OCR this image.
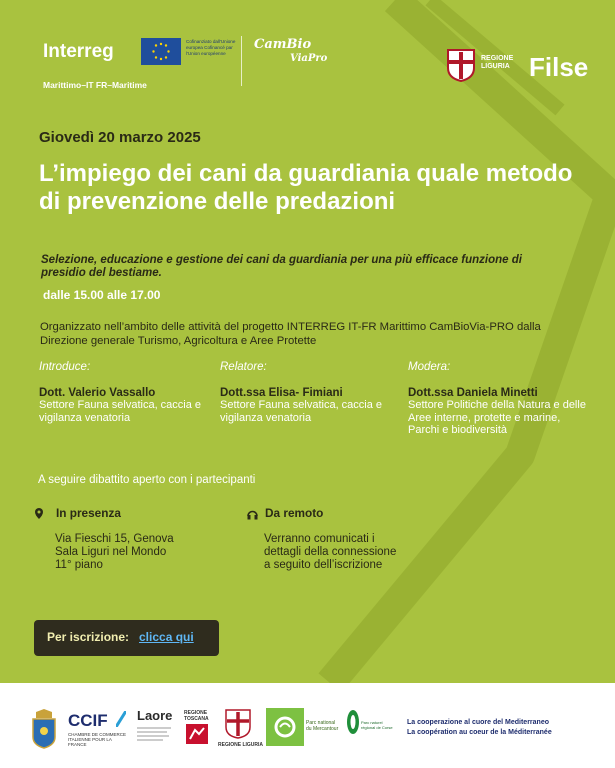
Interreg
Marittimo–IT FR–Maritime
Cofinanziato dall'Unione europea Cofinancé par l'Union européenne
CamBio
ViaPro	REGIONE LIGURIA Filse
Giovedì 20 marzo 2025
L’impiego dei cani da guardiania quale metodo di prevenzione delle predazioni
Selezione, educazione e gestione dei cani da guardiania per una più efficace funzione di presidio del bestiame.
dalle 15.00 alle 17.00
Organizzato nell’ambito delle attività del progetto INTERREG IT-FR Marittimo CamBioVia-PRO dalla Direzione generale Turismo, Agricoltura e Aree Protette
Introduce:
Dott. Valerio Vassallo
Settore Fauna selvatica, caccia e vigilanza venatoria
Relatore:
Dott.ssa Elisa- Fimiani
Settore Fauna selvatica, caccia e vigilanza venatoria
Modera:
Dott.ssa Daniela Minetti
Settore Politiche della Natura e delle Aree interne, protette e marine, Parchi e biodiversità
A seguire dibattito aperto con i partecipanti
In presenza
Via Fieschi 15, Genova
Sala Liguri nel Mondo
11° piano
Da remoto
Verranno comunicati i
dettagli della connessione
a seguito dell’iscrizione
Per iscrizione: clicca qui
CCIF
CHAMBRE DE COMMERCE ITALIENNE POUR LA FRANCE
Laore REGIONE TOSCANA
REGIONE LIGURIA
Parc national du Mercantour
Parc naturel régional de Corse
La cooperazione al cuore del Mediterraneo
La coopération au coeur de la Méditerranée
